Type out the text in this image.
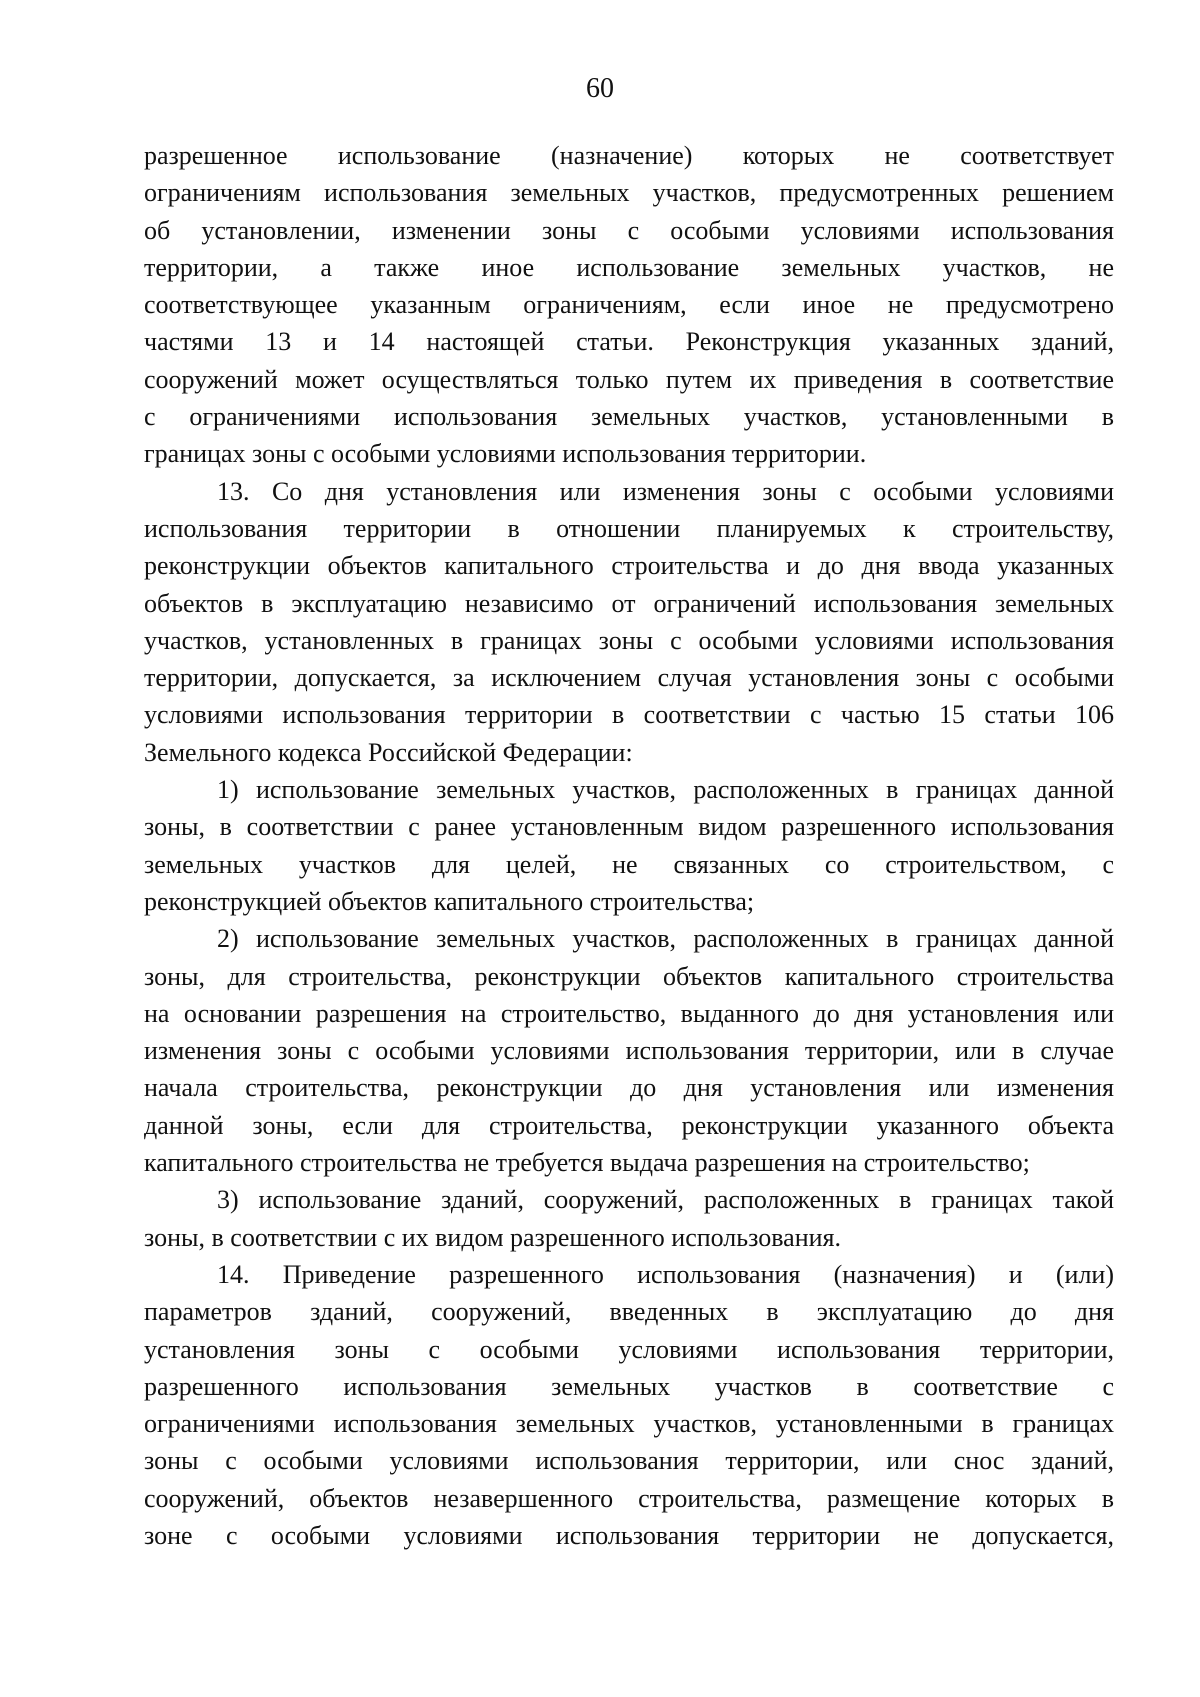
60
разрешенное использование (назначение) которых не соответствует
ограничениям использования земельных участков, предусмотренных решением
об установлении, изменении зоны с особыми условиями использования
территории, а также иное использование земельных участков, не
соответствующее указанным ограничениям, если иное не предусмотрено
частями 13 и 14 настоящей статьи. Реконструкция указанных зданий,
сооружений может осуществляться только путем их приведения в соответствие
с ограничениями использования земельных участков, установленными в
границах зоны с особыми условиями использования территории.
13. Со дня установления или изменения зоны с особыми условиями
использования территории в отношении планируемых к строительству,
реконструкции объектов капитального строительства и до дня ввода указанных
объектов в эксплуатацию независимо от ограничений использования земельных
участков, установленных в границах зоны с особыми условиями использования
территории, допускается, за исключением случая установления зоны с особыми
условиями использования территории в соответствии с частью 15 статьи 106
Земельного кодекса Российской Федерации:
1) использование земельных участков, расположенных в границах данной
зоны, в соответствии с ранее установленным видом разрешенного использования
земельных участков для целей, не связанных со строительством, с
реконструкцией объектов капитального строительства;
2) использование земельных участков, расположенных в границах данной
зоны, для строительства, реконструкции объектов капитального строительства
на основании разрешения на строительство, выданного до дня установления или
изменения зоны с особыми условиями использования территории, или в случае
начала строительства, реконструкции до дня установления или изменения
данной зоны, если для строительства, реконструкции указанного объекта
капитального строительства не требуется выдача разрешения на строительство;
3) использование зданий, сооружений, расположенных в границах такой
зоны, в соответствии с их видом разрешенного использования.
14. Приведение разрешенного использования (назначения) и (или)
параметров зданий, сооружений, введенных в эксплуатацию до дня
установления зоны с особыми условиями использования территории,
разрешенного использования земельных участков в соответствие с
ограничениями использования земельных участков, установленными в границах
зоны с особыми условиями использования территории, или снос зданий,
сооружений, объектов незавершенного строительства, размещение которых в
зоне с особыми условиями использования территории не допускается,
